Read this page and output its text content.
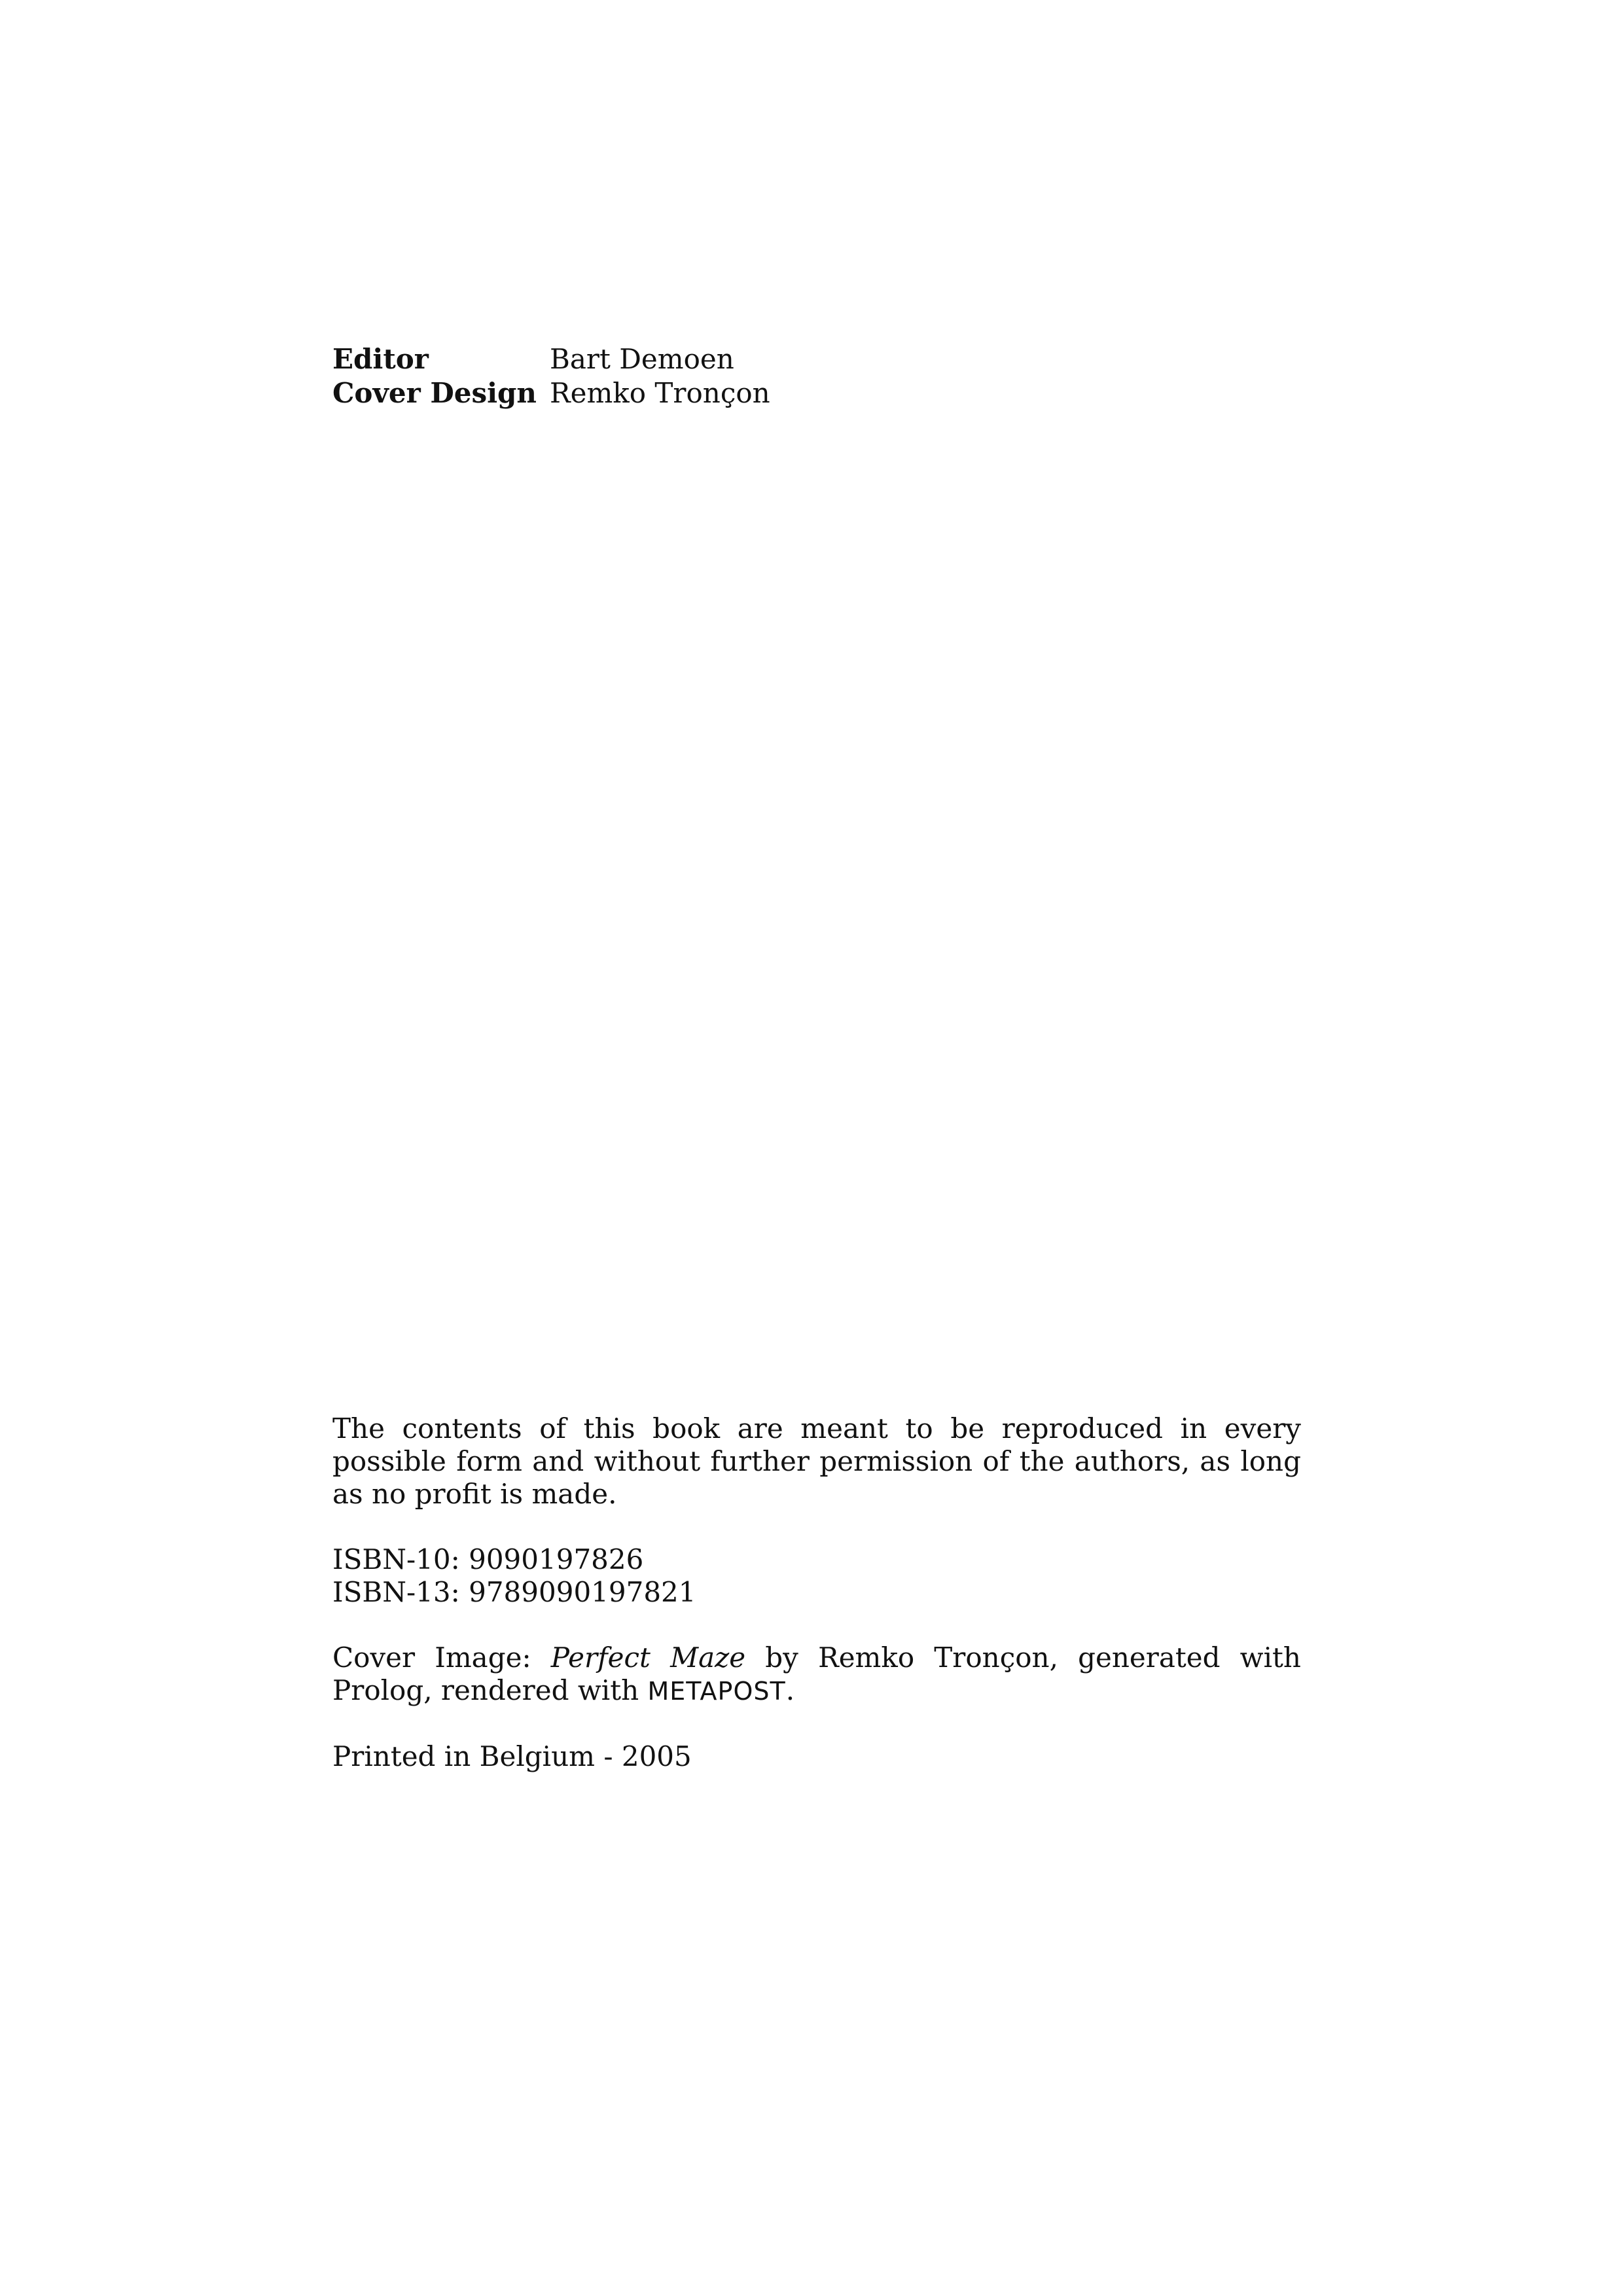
Editor	Bart Demoen
Cover Design Remko Tronçon

The contents of this book are meant to be reproduced in every possible form and without further permission of the authors, as long as no profit is made.

ISBN-10: 9090197826
ISBN-13: 9789090197821

Cover Image: Perfect Maze by Remko Tronçon, generated with Prolog, rendered with METAPOST.

Printed in Belgium - 2005
